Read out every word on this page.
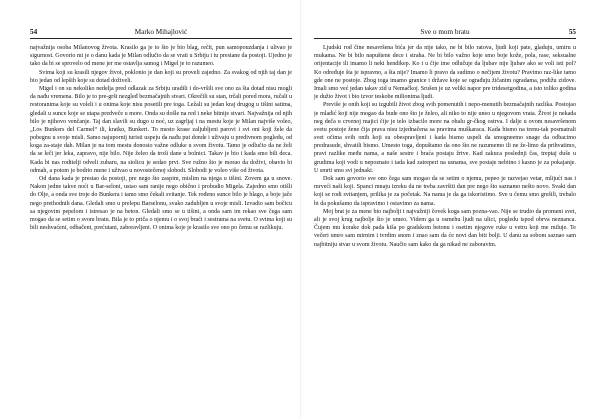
54	Marko Mihajlović

najvažnija osoba Milanovog života. Krasilo ga je to što je bio blag, rečit, pun samopouzdanja i ulivao je sigurnost. Govorio mi je o danu kada je Milan odlučio da se vrati u Srbiju i tu prestane da postoji. Ujedno je tako da bi se sprovelo od mene jer me ostavlja samog i Migel je to razumeo.

Svima koji su krasili njegov život, poklonio je dan koji su proveli zajedno. Za svakog od njih taj dan je bio jedan od lepših koje su dotad doživeli.

Migel i on su nekoliko nedelja pred odlazak za Srbiju uradili i do-vršili sve ono za šta dotad nisu mogli da nađu vremena. Bilo je to pre-gršt nezgleđ bezmačajnih stvari. Okrečili su stan, trčali pored mora, ručali u restoranima koje su voleli i u onima koje nisu posetili pre toga. Ležali su jedan kraj drugog u tišini satima, gledali u sunce koje se utapa predveče u more. Onda su došle na red i neke bitnije stvari. Najvažnija od njih bilo je njihovo venčanje. Taj dan slavili su dugo u noć, uz zagrljaj i na mestu koje je Milan najviše voleo, „Los Bunkers del Carmel“ ili, kratko, Bunkeri. To mesto krase zaljubljeni parovi i svi oni koji žele da pobegnu u svoje misli. Samo najupornij turisti uspeju da nađu put donde i uživaju u predivnom pogledu, od koga za-staje dah. Milan je na tom mestu donosio važne odluke u svom životu. Tamo je odlučio da ne želi da se leči jer leka, zapravo, nije bilo. Nije želeo da troši dane u bolnici. Takav je bio i kada smo bili deca. Kada bi nas roditelji odveli zubaru, na stolicu je sedao prvi. Sve ružno što je morao da doživi, obavio bi odmah, a potom je bodrio mene i uživao u novostečenoj slobodi. Slobodi je voleo više od života.

Od dana kada je prestao da postoji, pre nego što zaspim, mislim na njega u tišini. Zovem ga u snove. Nakon jedne takve noći u Bar-seloni, ustao sam ranije nego obično i probudio Migela. Zajedno smo otišli do Olje, a onda sve troje do Bunkera i tamo smo čekali svitanje. Tek rođeno sunce bilo je blago, a boje jače nego prethodnih dana. Gledali smo u prelepu Barselonu, svako zadubljen u svoje misli. Izvadio sam bočicu sa njegovim pepelom i istresao je na beton. Gledali smo se u tišini, a onda sam im rekao sve čega sam mogao da se setim o svom bratu. Bila je to priča o njemu i o svoj braći i sestrama na svetu. O svima koji su bili neshvaćeni, odbačeni, prećutani, zaboravljeni. O onima koje je krasilo sve ono po čemu se razlikuju.

Sve o mom bratu	55

Ljudski rod čine nesavršena bića jer da nije tako, ne bi bilo ratova, ljudi koji pate, gladuju, umiru u mukama. Ne bi bilo napuštene dece i straha. Ne bi bilo važno koje smo boje kože, pola, rase, seksualne orijentacije ili imamo li neki hendikep. Ko i u čije ime odlučuje da ljubav nije ljubav ako se voli isti pol? Ko određuje šta je ispravno, a šta nije? Imamo li pravo da sudimo o nečijem životu? Pravimo raz-like tamo gde one ne postoje. Zbog toga imamo granice i države koje se ograđuju žičanim ogradama, podižu zidove. Imali smo već jedan takav zid u Nemačkoj. Srušen je uz veliki napor pre tridesetgodina, a isto toliko godina je dužio život i bio izvor teskobe milionima ljudi.

Previše je onih koji su izgubili život zbog svih pomenutih i nepo-menutih bezmačajnih razlika. Postojao je mladić koji nije mogao da bude ono što je želeo, ali niko to nije uneo u njegovom vrata. Život je nekada neg deča u crvenoj majici čije je telo izbacilo more na obalu gr-čkog ostrva. I dalje u ovom nesavršenom svetu postoje žene čija prava nisu izjednačena sa pravima muškaraca. Kada bismo na trenu-tak posmatrali svet očima svih onih koji su obespravljeni i kada bismo uspeli da smogneemo snage da odbacimo predrasude, shvatili bismo. Umesto toga, dopuštamo da ono što ne razumemo ili ne že-limo da prihvatimo, pravi razlike među nama, a naše sestre i braća postaju žrtve. Kad zakuca poslednji čas, treptaj duše u grudima koji vodi u nepoznato i tada kad zatreperi na usnama, sve postaje nebitno i kasno je za pokajanje. U smrti smo svi jednaki.

Dok sam govorio sve ono čega sam mogao da se setim o njemu, pepeo je razvejao vetar, mlijući nas i mrveći naši koji. Spanci mnaju izreku da ne treba završiti dan pre nego što saznamo nešto novo. Svaki dan koji se rodi svitanjem, prilika je za početak. Na nama je da ga iskoristimo. Sve u čemu smo grešili, trebalo bi da pokušamo da ispravimo i ostavimo za nama.

Moj brat je za mene bio najbolji i najvažniji čovek koga sam pozna-vao. Nije se trudio da promeni svet, ali je svoj krug najbolje što je umeo. Videm ga u osmehu ljudi na ulici, pogledu ispod obrva neznanca. Čujem mu korake dok pada kiša po gradskom betonu i osetim njegove ruke u vetru koji me miluje. Te večeri umro sam mirnim i tvrdim snom i znao sam da će novi dan biti bolji. U danu za sobom saznao sam najbitniju stvar u svom životu. Naučio sam kako da ga nikad ne zaboravim.
